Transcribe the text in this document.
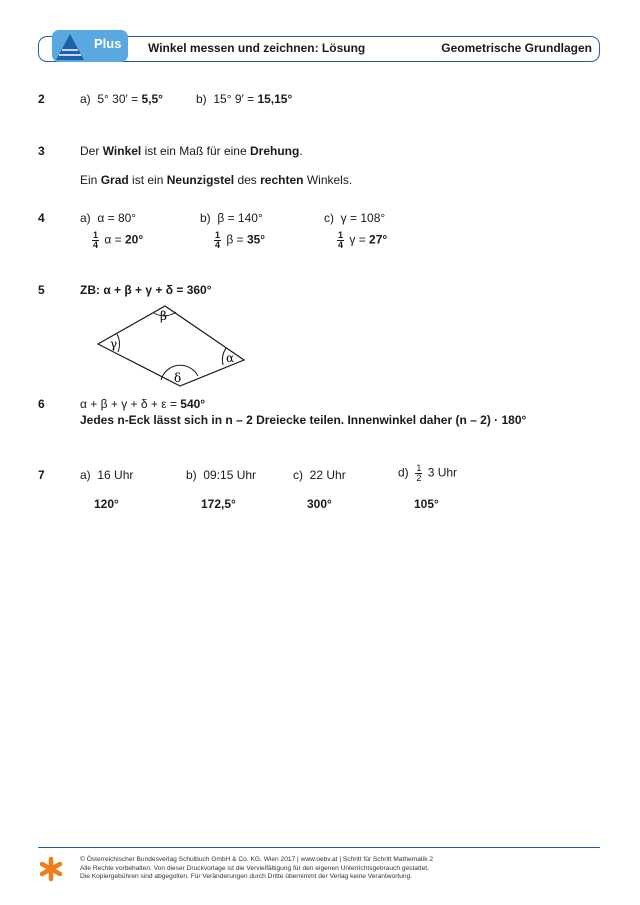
Plus Winkel messen und zeichnen: Lösung	Geometrische Grundlagen
2	a) 5° 30′ = 5,5°	b) 15° 9′ = 15,15°
3	Der Winkel ist ein Maß für eine Drehung.
Ein Grad ist ein Neunzigstel des rechten Winkels.
4	a) α = 80°	b) β = 140°	c) γ = 108°
$\frac{1}{4}$ α = 20°	$\frac{1}{4}$ β = 35°	$\frac{1}{4}$ γ = 27°
5	ZB: α + β + γ + δ = 360°
γ
β
α
δ
6	α + β + γ + δ + ε = 540°
Jedes n-Eck lässt sich in n – 2 Dreiecke teilen. Innenwinkel daher (n – 2) · 180°
7	a) 16 Uhr	b) 09:15 Uhr	c) 22 Uhr	$d) \frac{1}{2} 3$ Uhr
120°	172,5°	300°	105°
© Österreichischer Bundesverlag Schulbuch GmbH & Co. KG, Wien 2017 | www.oebv.at | Schritt für Schritt Mathematik 2
Alle Rechte vorbehalten. Von dieser Druckvorlage ist die Vervielfältigung für den eigenen Unterrichtsgebrauch gestattet.
Die Kopiergebühren sind abgegolten. Für Veränderungen durch Dritte übernimmt der Verlag keine Verantwortung.
